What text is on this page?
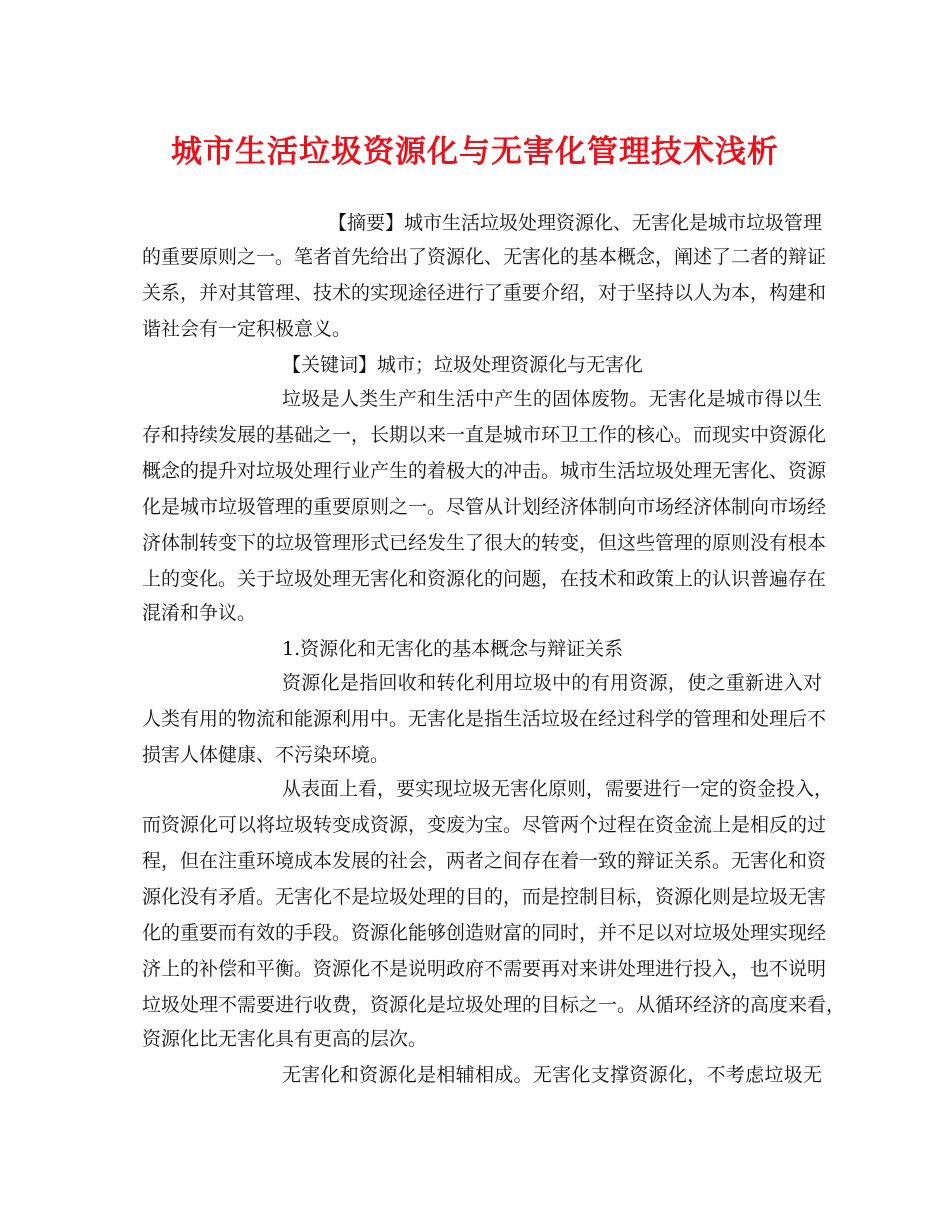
城市生活垃圾资源化与无害化管理技术浅析

【摘要】城市生活垃圾处理资源化、无害化是城市垃圾管理

的重要原则之一。笔者首先给出了资源化、无害化的基本概念，阐述了二者的辩证

关系，并对其管理、技术的实现途径进行了重要介绍，对于坚持以人为本，构建和

谐社会有一定积极意义。

【关键词】城市；垃圾处理资源化与无害化

垃圾是人类生产和生活中产生的固体废物。无害化是城市得以生

存和持续发展的基础之一，长期以来一直是城市环卫工作的核心。而现实中资源化

概念的提升对垃圾处理行业产生的着极大的冲击。城市生活垃圾处理无害化、资源

化是城市垃圾管理的重要原则之一。尽管从计划经济体制向市场经济体制向市场经

济体制转变下的垃圾管理形式已经发生了很大的转变，但这些管理的原则没有根本

上的变化。关于垃圾处理无害化和资源化的问题，在技术和政策上的认识普遍存在

混淆和争议。

1.资源化和无害化的基本概念与辩证关系

资源化是指回收和转化利用垃圾中的有用资源，使之重新进入对

人类有用的物流和能源利用中。无害化是指生活垃圾在经过科学的管理和处理后不

损害人体健康、不污染环境。

从表面上看，要实现垃圾无害化原则，需要进行一定的资金投入，

而资源化可以将垃圾转变成资源，变废为宝。尽管两个过程在资金流上是相反的过

程，但在注重环境成本发展的社会，两者之间存在着一致的辩证关系。无害化和资

源化没有矛盾。无害化不是垃圾处理的目的，而是控制目标，资源化则是垃圾无害

化的重要而有效的手段。资源化能够创造财富的同时，并不足以对垃圾处理实现经

济上的补偿和平衡。资源化不是说明政府不需要再对来讲处理进行投入，也不说明

垃圾处理不需要进行收费，资源化是垃圾处理的目标之一。从循环经济的高度来看，

资源化比无害化具有更高的层次。

无害化和资源化是相辅相成。无害化支撑资源化，不考虑垃圾无
